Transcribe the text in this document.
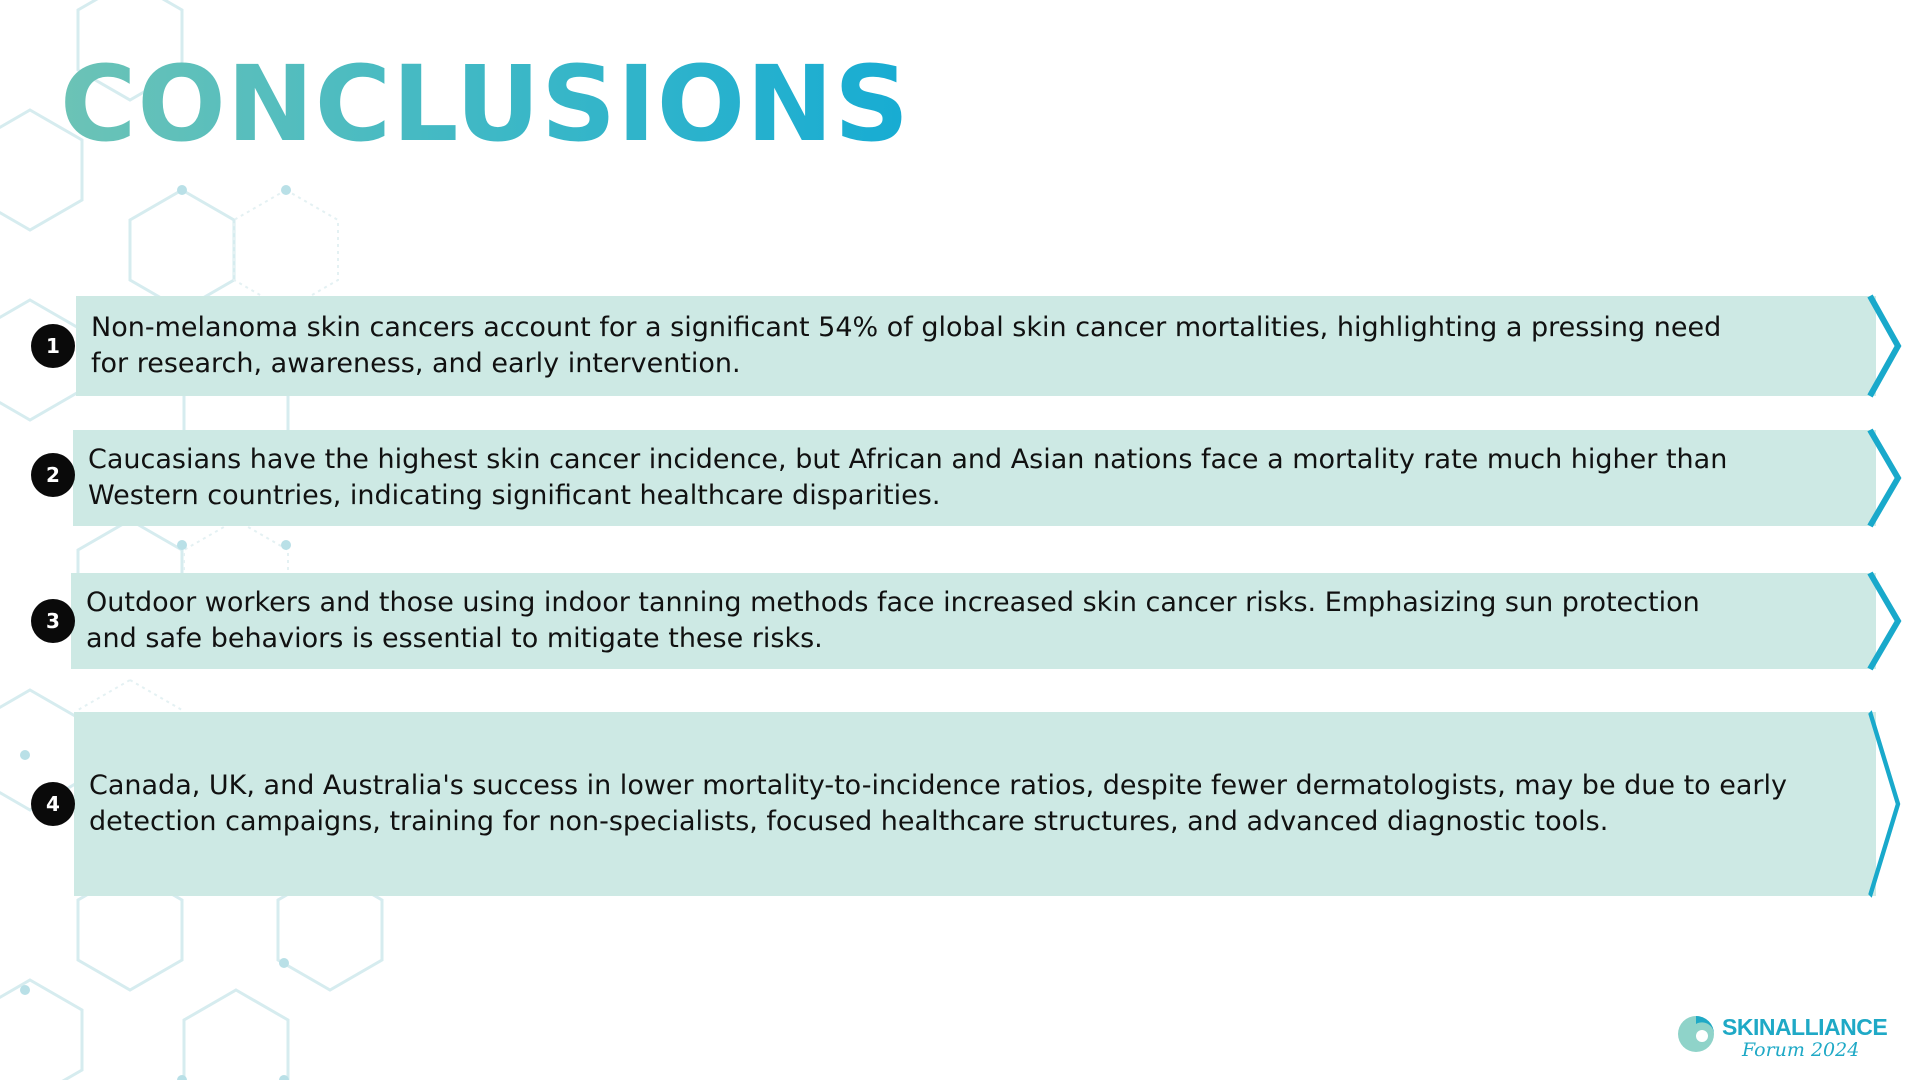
CONCLUSIONS
Non-melanoma skin cancers account for a significant 54% of global skin cancer mortalities, highlighting a pressing need for research, awareness, and early intervention.
1
Caucasians have the highest skin cancer incidence, but African and Asian nations face a mortality rate much higher than Western countries, indicating significant healthcare disparities.
2
Outdoor workers and those using indoor tanning methods face increased skin cancer risks. Emphasizing sun protection and safe behaviors is essential to mitigate these risks.
3
Canada, UK, and Australia's success in lower mortality-to-incidence ratios, despite fewer dermatologists, may be due to early detection campaigns, training for non-specialists, focused healthcare structures, and advanced diagnostic tools.
4
SKINALLIANCE
Forum 2024
